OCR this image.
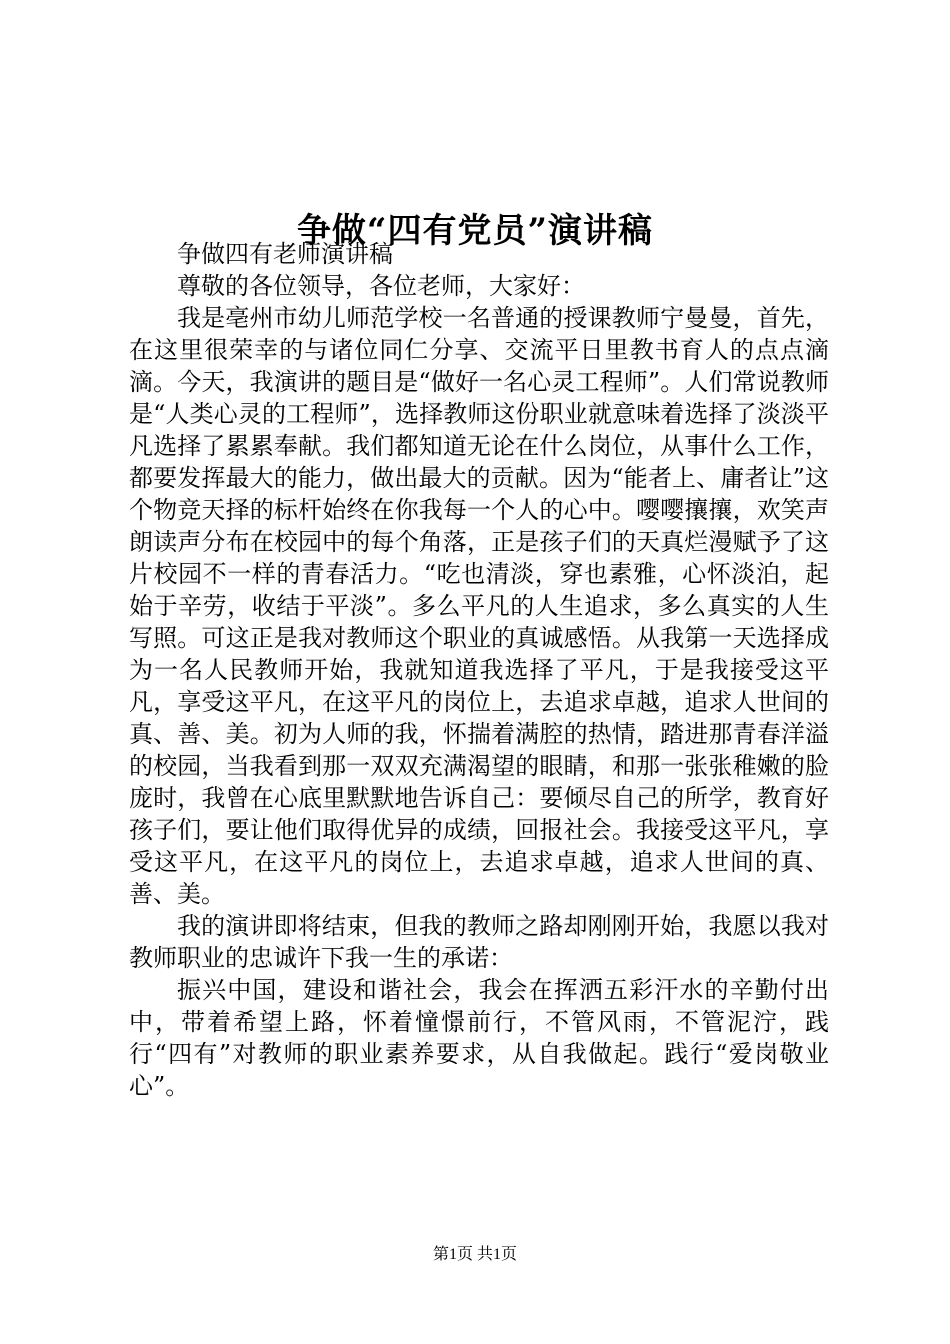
争做“四有党员”演讲稿

争做四有老师演讲稿

尊敬的各位领导，各位老师，大家好：

我是亳州市幼儿师范学校一名普通的授课教师宁曼曼，首先，在这里很荣幸的与诸位同仁分享、交流平日里教书育人的点点滴滴。今天，我演讲的题目是“做好一名心灵工程师”。人们常说教师是“人类心灵的工程师”，选择教师这份职业就意味着选择了淡淡平凡选择了累累奉献。我们都知道无论在什么岗位，从事什么工作，都要发挥最大的能力，做出最大的贡献。因为“能者上、庸者让”这个物竞天择的标杆始终在你我每一个人的心中。嘤嘤攘攘，欢笑声朗读声分布在校园中的每个角落，正是孩子们的天真烂漫赋予了这片校园不一样的青春活力。“吃也清淡，穿也素雅，心怀淡泊，起始于辛劳，收结于平淡”。多么平凡的人生追求，多么真实的人生写照。可这正是我对教师这个职业的真诚感悟。从我第一天选择成为一名人民教师开始，我就知道我选择了平凡，于是我接受这平凡，享受这平凡，在这平凡的岗位上，去追求卓越，追求人世间的真、善、美。初为人师的我，怀揣着满腔的热情，踏进那青春洋溢的校园，当我看到那一双双充满渴望的眼睛，和那一张张稚嫩的脸庞时，我曾在心底里默默地告诉自己：要倾尽自己的所学，教育好孩子们，要让他们取得优异的成绩，回报社会。我接受这平凡，享受这平凡，在这平凡的岗位上，去追求卓越，追求人世间的真、善、美。

我的演讲即将结束，但我的教师之路却刚刚开始，我愿以我对教师职业的忠诚许下我一生的承诺：

振兴中国，建设和谐社会，我会在挥洒五彩汗水的辛勤付出中，带着希望上路，怀着憧憬前行，不管风雨，不管泥泞，践行“四有”对教师的职业素养要求，从自我做起。践行“爱岗敬业心”。

第1页 共1页
